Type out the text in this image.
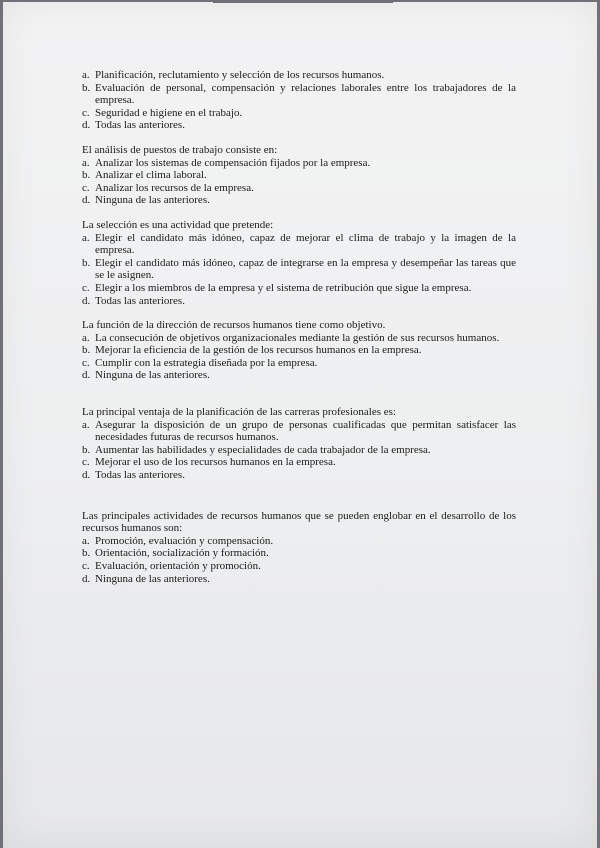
a. Planificación, reclutamiento y selección de los recursos humanos.
b. Evaluación de personal, compensación y relaciones laborales entre los trabajadores de la empresa.
c. Seguridad e higiene en el trabajo.
d. Todas las anteriores.

El análisis de puestos de trabajo consiste en:

a. Analizar los sistemas de compensación fijados por la empresa.
b. Analizar el clima laboral.
c. Analizar los recursos de la empresa.
d. Ninguna de las anteriores.

La selección es una actividad que pretende:

a. Elegir el candidato más idóneo, capaz de mejorar el clima de trabajo y la imagen de la empresa.
b. Elegir el candidato más idóneo, capaz de integrarse en la empresa y desempeñar las tareas que se le asignen.
c. Elegir a los miembros de la empresa y el sistema de retribución que sigue la empresa.
d. Todas las anteriores.

La función de la dirección de recursos humanos tiene como objetivo.

a. La consecución de objetivos organizacionales mediante la gestión de sus recursos humanos.
b. Mejorar la eficiencia de la gestión de los recursos humanos en la empresa.
c. Cumplir con la estrategia diseñada por la empresa.
d. Ninguna de las anteriores.

La principal ventaja de la planificación de las carreras profesionales es:

a. Asegurar la disposición de un grupo de personas cualificadas que permitan satisfacer las necesidades futuras de recursos humanos.
b. Aumentar las habilidades y especialidades de cada trabajador de la empresa.
c. Mejorar el uso de los recursos humanos en la empresa.
d. Todas las anteriores.

Las principales actividades de recursos humanos que se pueden englobar en el desarrollo de los recursos humanos son:

a. Promoción, evaluación y compensación.
b. Orientación, socialización y formación.
c. Evaluación, orientación y promoción.
d. Ninguna de las anteriores.
